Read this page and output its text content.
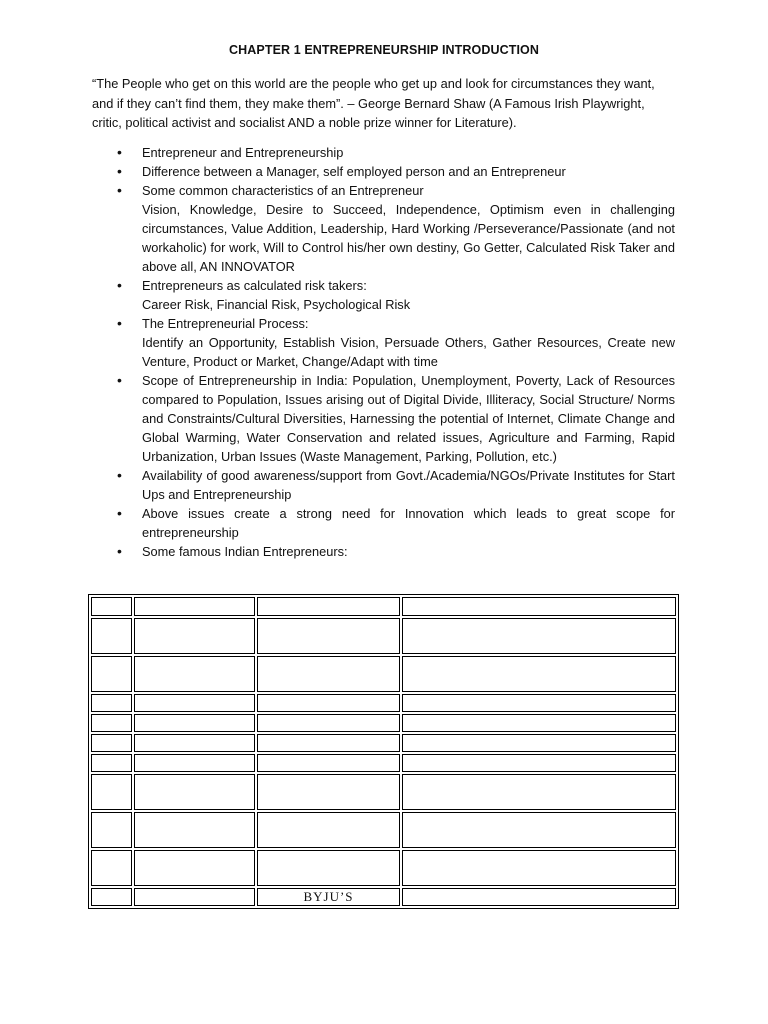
CHAPTER 1 ENTREPRENEURSHIP INTRODUCTION
“The People who get on this world are the people who get up and look for circumstances they want, and if they can’t find them, they make them”. – George Bernard Shaw (A Famous Irish Playwright, critic, political activist and socialist AND a noble prize winner for Literature).
• Entrepreneur and Entrepreneurship
• Difference between a Manager, self employed person and an Entrepreneur
• Some common characteristics of an Entrepreneur
Vision, Knowledge, Desire to Succeed, Independence, Optimism even in challenging circumstances, Value Addition, Leadership, Hard Working /Perseverance/Passionate (and not workaholic) for work, Will to Control his/her own destiny, Go Getter, Calculated Risk Taker and above all, AN INNOVATOR
• Entrepreneurs as calculated risk takers:
Career Risk, Financial Risk, Psychological Risk
• The Entrepreneurial Process:
Identify an Opportunity, Establish Vision, Persuade Others, Gather Resources, Create new Venture, Product or Market, Change/Adapt with time
• Scope of Entrepreneurship in India: Population, Unemployment, Poverty, Lack of Resources compared to Population, Issues arising out of Digital Divide, Illiteracy, Social Structure/ Norms and Constraints/Cultural Diversities, Harnessing the potential of Internet, Climate Change and Global Warming, Water Conservation and related issues, Agriculture and Farming, Rapid Urbanization, Urban Issues (Waste Management, Parking, Pollution, etc.)
• Availability of good awareness/support from Govt./Academia/NGOs/Private Institutes for Start Ups and Entrepreneurship
• Above issues create a strong need for Innovation which leads to great scope for entrepreneurship
• Some famous Indian Entrepreneurs:

		BYJU’S	
